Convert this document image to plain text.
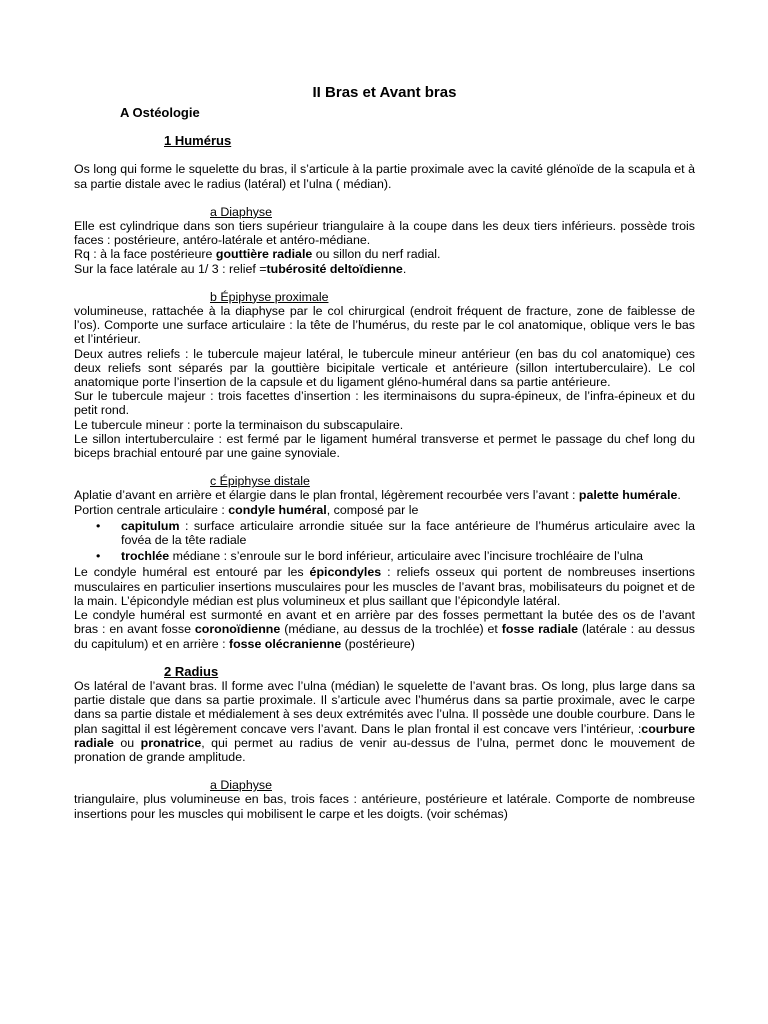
II Bras et Avant bras
A Ostéologie
1 Humérus

Os long qui forme le squelette du bras, il s’articule à la partie proximale avec la cavité glénoïde de la scapula et à sa partie distale avec le radius (latéral) et l’ulna ( médian).

a Diaphyse

Elle est cylindrique dans son tiers supérieur triangulaire à la coupe dans les deux tiers inférieurs. possède trois faces : postérieure, antéro-latérale et antéro-médiane.

Rq : à la face postérieure gouttière radiale ou sillon du nerf radial.

Sur la face latérale au 1/ 3 : relief =tubérosité deltoïdienne.

b Épiphyse proximale

volumineuse, rattachée à la diaphyse par le col chirurgical (endroit fréquent de fracture, zone de faiblesse de l’os). Comporte une surface articulaire : la tête de l’humérus, du reste par le col anatomique, oblique vers le bas et l’intérieur.

Deux autres reliefs : le tubercule majeur latéral, le tubercule mineur antérieur (en bas du col anatomique) ces deux reliefs sont séparés par la gouttière bicipitale verticale et antérieure (sillon intertuberculaire). Le col anatomique porte l’insertion de la capsule et du ligament gléno-huméral dans sa partie antérieure.

Sur le tubercule majeur : trois facettes d’insertion : les iterminaisons du supra-épineux, de l’infra-épineux et du petit rond.

Le tubercule mineur : porte la terminaison du subscapulaire.

Le sillon intertuberculaire : est fermé par le ligament huméral transverse et permet le passage du chef long du biceps brachial entouré par une gaine synoviale.

c Épiphyse distale

Aplatie d’avant en arrière et élargie dans le plan frontal, légèrement recourbée vers l’avant : palette humérale.

Portion centrale articulaire : condyle huméral, composé par le

• capitulum : surface articulaire arrondie située sur la face antérieure de l’humérus articulaire avec la fovéa de la tête radiale
• trochlée médiane : s’enroule sur le bord inférieur, articulaire avec l’incisure trochléaire de l’ulna

Le condyle huméral est entouré par les épicondyles : reliefs osseux qui portent de nombreuses insertions musculaires en particulier insertions musculaires pour les muscles de l’avant bras, mobilisateurs du poignet et de la main. L’épicondyle médian est plus volumineux et plus saillant que l’épicondyle latéral.

Le condyle huméral est surmonté en avant et en arrière par des fosses permettant la butée des os de l’avant bras : en avant fosse coronoïdienne (médiane, au dessus de la trochlée) et fosse radiale (latérale : au dessus du capitulum) et en arrière : fosse olécranienne (postérieure)

2 Radius

Os latéral de l’avant bras. Il forme avec l’ulna (médian) le squelette de l’avant bras. Os long, plus large dans sa partie distale que dans sa partie proximale. Il s’articule avec l’humérus dans sa partie proximale, avec le carpe dans sa partie distale et médialement à ses deux extrémités avec l’ulna. Il possède une double courbure. Dans le plan sagittal il est légèrement concave vers l’avant. Dans le plan frontal il est concave vers l’intérieur, :courbure radiale ou pronatrice, qui permet au radius de venir au-dessus de l’ulna, permet donc le mouvement de pronation de grande amplitude.

a Diaphyse

triangulaire, plus volumineuse en bas, trois faces : antérieure, postérieure et latérale. Comporte de nombreuse insertions pour les muscles qui mobilisent le carpe et les doigts. (voir schémas)
